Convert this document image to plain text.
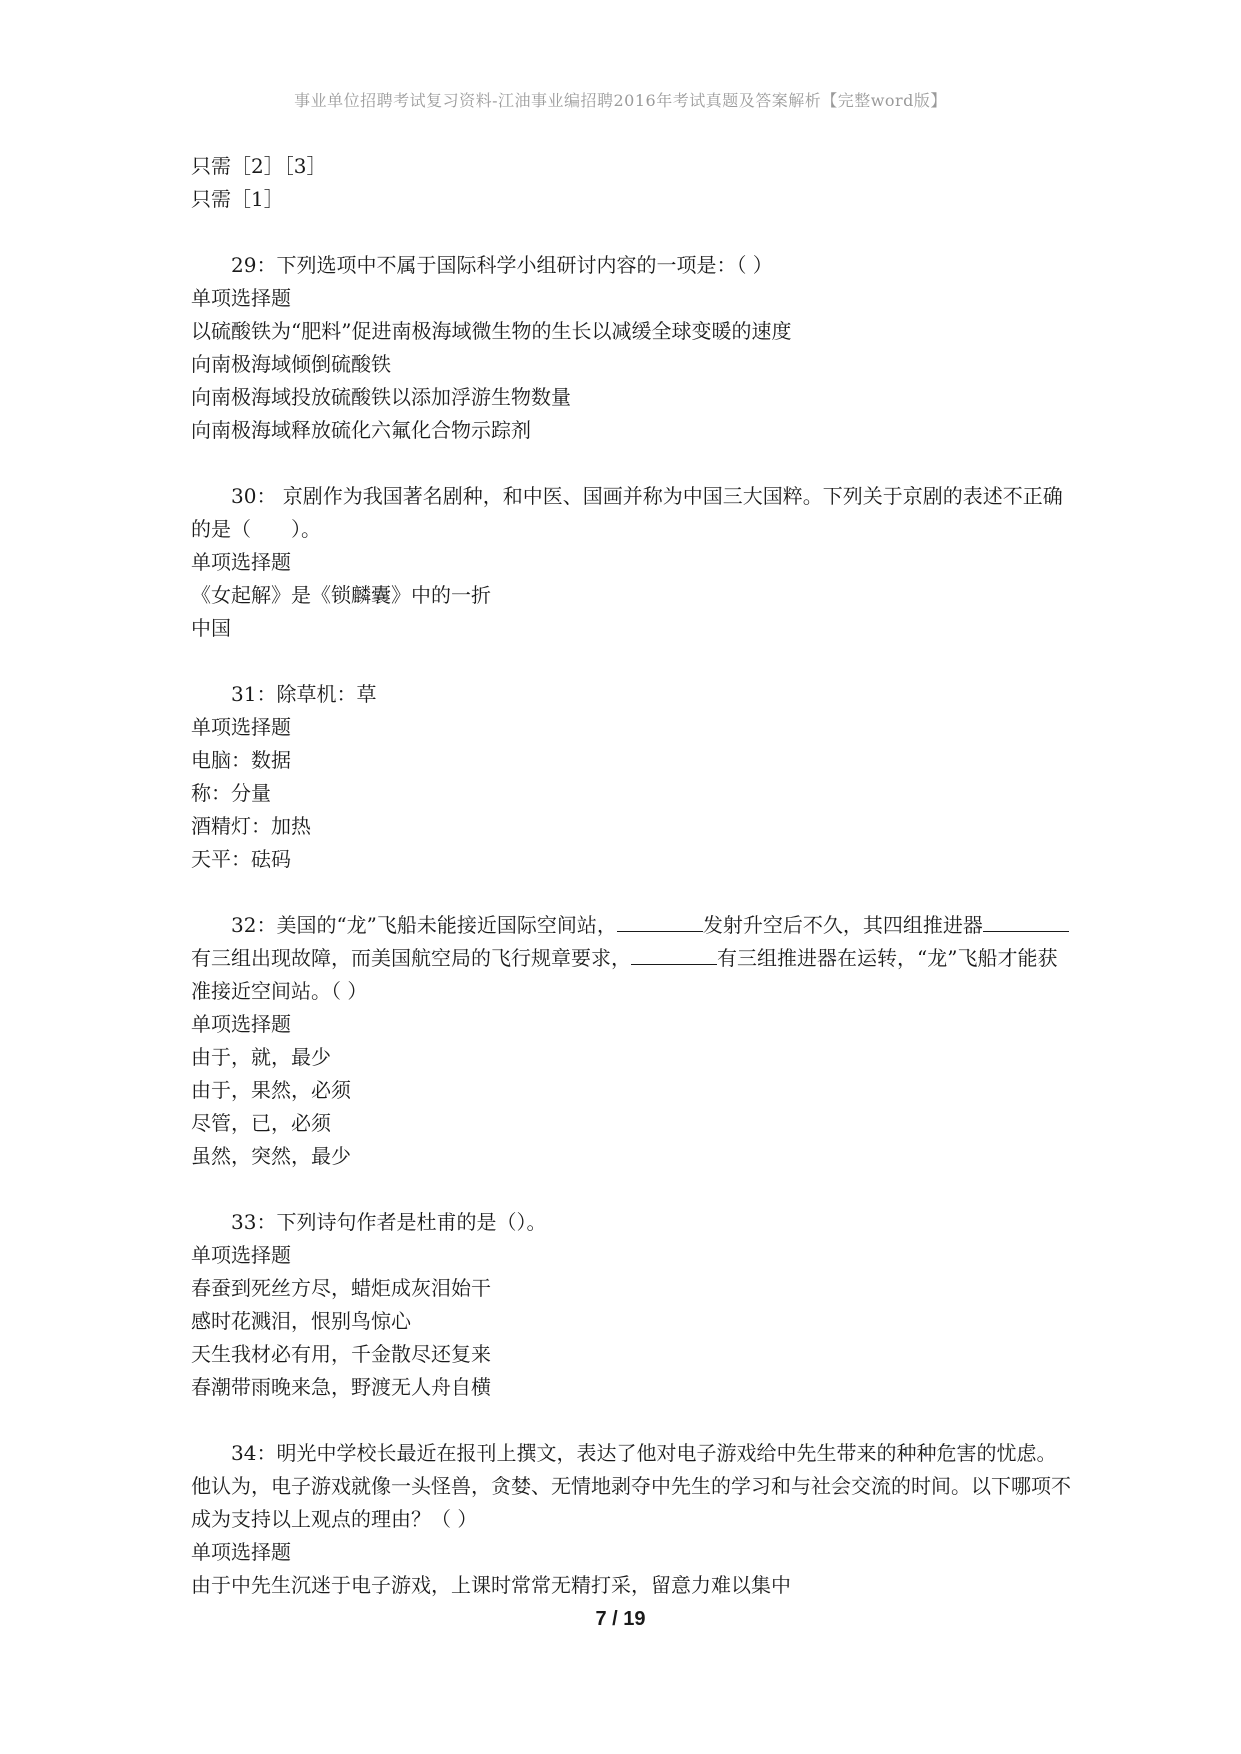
事业单位招聘考试复习资料-江油事业编招聘2016年考试真题及答案解析【完整word版】

只需［2］［3］

只需［1］

29：下列选项中不属于国际科学小组研讨内容的一项是：（ ）

单项选择题

以硫酸铁为“肥料”促进南极海域微生物的生长以减缓全球变暖的速度

向南极海域倾倒硫酸铁

向南极海域投放硫酸铁以添加浮游生物数量

向南极海域释放硫化六氟化合物示踪剂

30： 京剧作为我国著名剧种，和中医、国画并称为中国三大国粹。下列关于京剧的表述不正确的是（　　）。

单项选择题

《女起解》是《锁麟囊》中的一折

中国

31：除草机：草

单项选择题

电脑：数据

称：分量

酒精灯：加热

天平：砝码

32：美国的“龙”飞船未能接近国际空间站，	发射升空后不久，其四组推进器有三组出现故障，而美国航空局的飞行规章要求，	有三组推进器在运转，“龙”飞船才能获准接近空间站。（ ）

单项选择题

由于，就，最少

由于，果然，必须

尽管，已，必须

虽然，突然，最少

33：下列诗句作者是杜甫的是（）。

单项选择题

春蚕到死丝方尽，蜡炬成灰泪始干

感时花溅泪，恨别鸟惊心

天生我材必有用，千金散尽还复来

春潮带雨晚来急，野渡无人舟自横

34：明光中学校长最近在报刊上撰文，表达了他对电子游戏给中先生带来的种种危害的忧虑。他认为，电子游戏就像一头怪兽，贪婪、无情地剥夺中先生的学习和与社会交流的时间。以下哪项不成为支持以上观点的理由？（ ）

单项选择题

由于中先生沉迷于电子游戏，上课时常常无精打采，留意力难以集中

7 / 19
